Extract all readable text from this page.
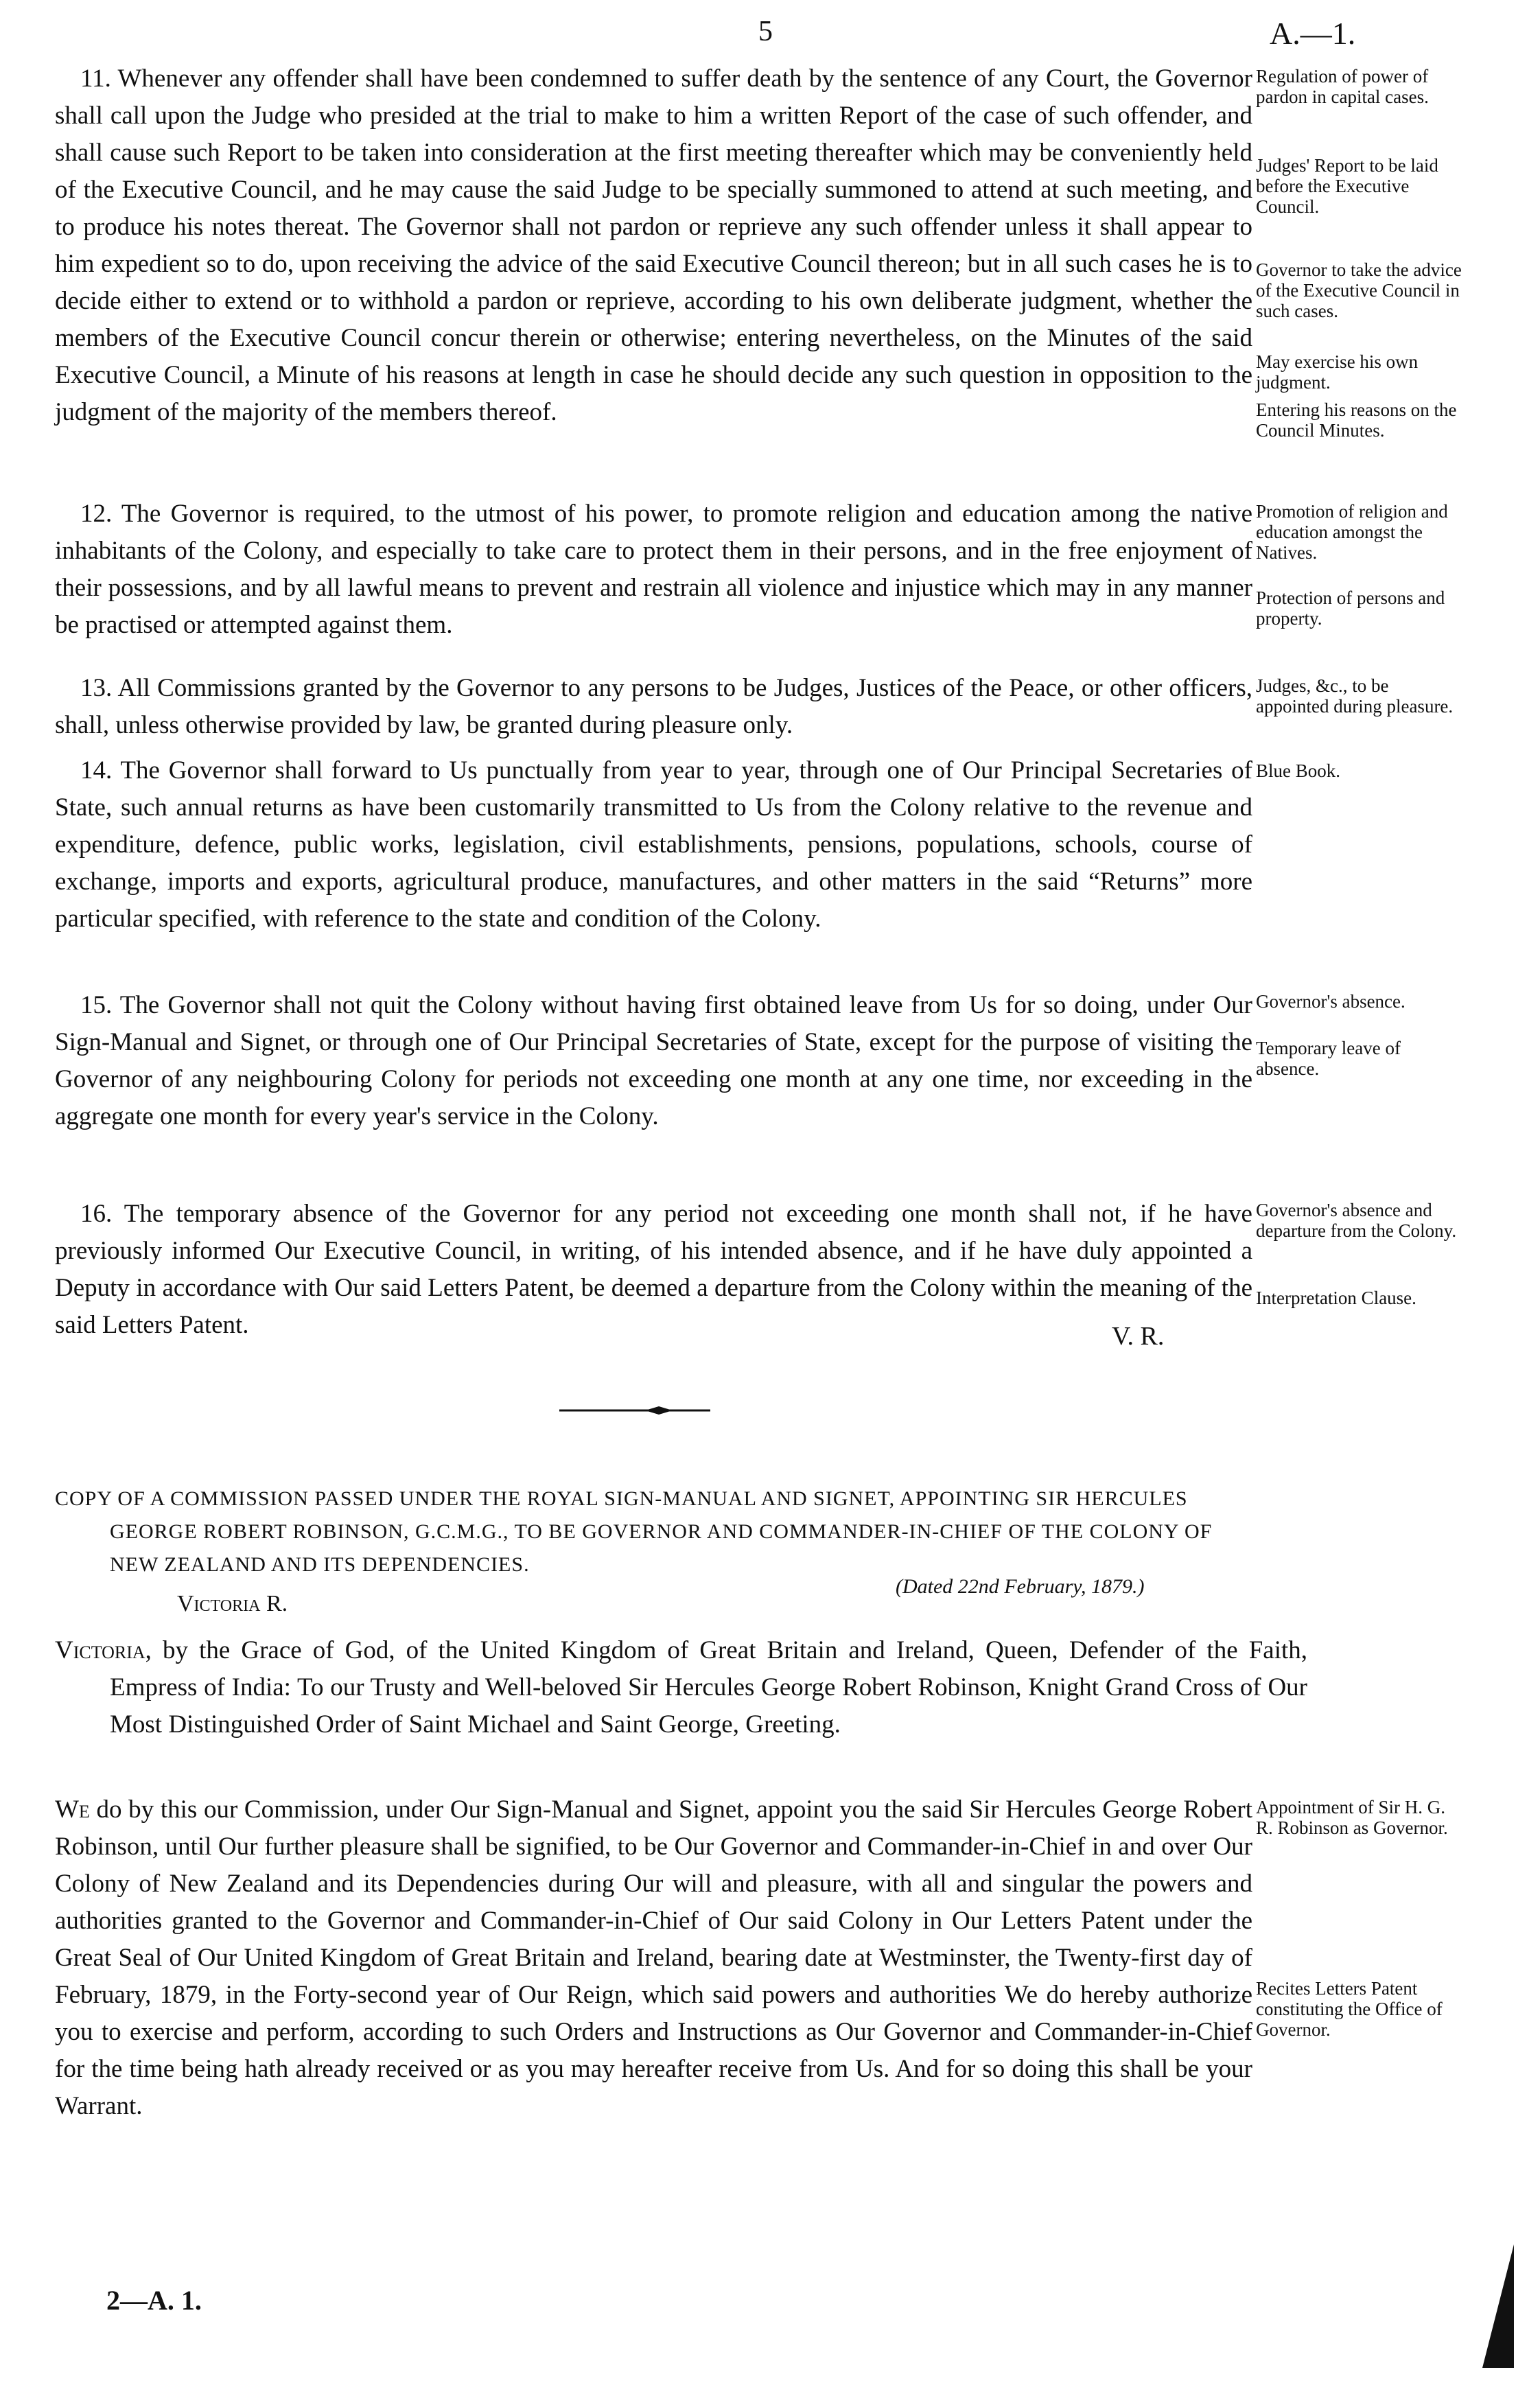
5	A.—1.
 11. Whenever any offender shall have been condemned to suffer death by the sentence of any Court, the Governor shall call upon the Judge who presided at the trial to make to him a written Report of the case of such offender, and shall cause such Report to be taken into consideration at the first meeting thereafter which may be conveniently held of the Executive Council, and he may cause the said Judge to be specially summoned to attend at such meeting, and to produce his notes thereat. The Governor shall not pardon or reprieve any such offender unless it shall appear to him expedient so to do, upon receiving the advice of the said Executive Council thereon; but in all such cases he is to decide either to extend or to withhold a pardon or reprieve, according to his own deliberate judgment, whether the members of the Executive Council concur therein or otherwise; entering nevertheless, on the Minutes of the said Executive Council, a Minute of his reasons at length in case he should decide any such question in opposition to the judgment of the majority of the members thereof.
 12. The Governor is required, to the utmost of his power, to promote religion and education among the native inhabitants of the Colony, and especially to take care to protect them in their persons, and in the free enjoyment of their possessions, and by all lawful means to prevent and restrain all violence and injustice which may in any manner be practised or attempted against them.
 13. All Commissions granted by the Governor to any persons to be Judges, Justices of the Peace, or other officers, shall, unless otherwise provided by law, be granted during pleasure only.
 14. The Governor shall forward to Us punctually from year to year, through one of Our Principal Secretaries of State, such annual returns as have been customarily transmitted to Us from the Colony relative to the revenue and expenditure, defence, public works, legislation, civil establishments, pensions, populations, schools, course of exchange, imports and exports, agricultural produce, manufactures, and other matters in the said “Returns” more particular specified, with reference to the state and condition of the Colony.
 15. The Governor shall not quit the Colony without having first obtained leave from Us for so doing, under Our Sign-Manual and Signet, or through one of Our Principal Secretaries of State, except for the purpose of visiting the Governor of any neighbouring Colony for periods not exceeding one month at any one time, nor exceeding in the aggregate one month for every year's service in the Colony.
 16. The temporary absence of the Governor for any period not exceeding one month shall not, if he have previously informed Our Executive Council, in writing, of his intended absence, and if he have duly appointed a Deputy in accordance with Our said Letters Patent, be deemed a departure from the Colony within the meaning of the said Letters Patent.
Regulation of power of pardon in capital cases.
Judges' Report to be laid before the Executive Council.
Governor to take the advice of the Executive Council in such cases.
May exercise his own judgment.
Entering his reasons on the Council Minutes.
Promotion of religion and education amongst the Natives.
Protection of persons and property.
Judges, &c., to be appointed during pleasure.
Blue Book.
Governor's absence.
Temporary leave of absence.
Governor's absence and departure from the Colony.
Interpretation Clause.
Appointment of Sir H. G. R. Robinson as Governor.
Recites Letters Patent constituting the Office of Governor.
V. R.
COPY OF A COMMISSION PASSED UNDER THE ROYAL SIGN-MANUAL AND SIGNET, APPOINTING SIR HERCULES GEORGE ROBERT ROBINSON, G.C.M.G., TO BE GOVERNOR AND COMMANDER-IN-CHIEF OF THE COLONY OF NEW ZEALAND AND ITS DEPENDENCIES.
(Dated 22nd February, 1879.)
Victoria R.
Victoria, by the Grace of God, of the United Kingdom of Great Britain and Ireland, Queen, Defender of the Faith, Empress of India: To our Trusty and Well-beloved Sir Hercules George Robert Robinson, Knight Grand Cross of Our Most Distinguished Order of Saint Michael and Saint George, Greeting.
We do by this our Commission, under Our Sign-Manual and Signet, appoint you the said Sir Hercules George Robert Robinson, until Our further pleasure shall be signified, to be Our Governor and Commander-in-Chief in and over Our Colony of New Zealand and its Dependencies during Our will and pleasure, with all and singular the powers and authorities granted to the Governor and Commander-in-Chief of Our said Colony in Our Letters Patent under the Great Seal of Our United Kingdom of Great Britain and Ireland, bearing date at Westminster, the Twenty-first day of February, 1879, in the Forty-second year of Our Reign, which said powers and authorities We do hereby authorize you to exercise and perform, according to such Orders and Instructions as Our Governor and Commander-in-Chief for the time being hath already received or as you may hereafter receive from Us. And for so doing this shall be your Warrant.
2—A. 1.
